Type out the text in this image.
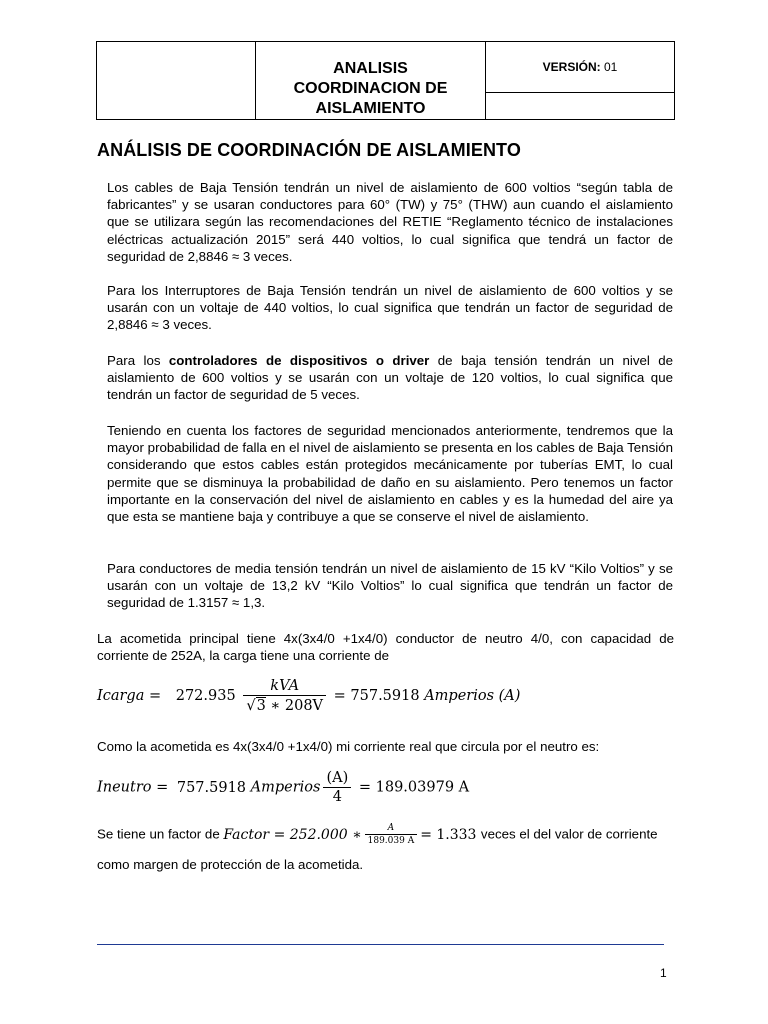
ANALISIS
COORDINACION DE
AISLAMIENTO
VERSIÓN: 01
ANÁLISIS DE COORDINACIÓN DE AISLAMIENTO
Los cables de Baja Tensión tendrán un nivel de aislamiento de 600 voltios “según tabla de fabricantes” y se usaran conductores para 60° (TW) y 75° (THW) aun cuando el aislamiento que se utilizara según las recomendaciones del RETIE “Reglamento técnico de instalaciones eléctricas actualización 2015” será 440 voltios, lo cual significa que tendrá un factor de seguridad de 2,8846 ≈ 3 veces.
Para los Interruptores de Baja Tensión tendrán un nivel de aislamiento de 600 voltios y se usarán con un voltaje de 440 voltios, lo cual significa que tendrán un factor de seguridad de 2,8846 ≈ 3 veces.
Para los controladores de dispositivos o driver de baja tensión tendrán un nivel de aislamiento de 600 voltios y se usarán con un voltaje de 120 voltios, lo cual significa que tendrán un factor de seguridad de 5 veces.
Teniendo en cuenta los factores de seguridad mencionados anteriormente, tendremos que la mayor probabilidad de falla en el nivel de aislamiento se presenta en los cables de Baja Tensión considerando que estos cables están protegidos mecánicamente por tuberías EMT, lo cual permite que se disminuya la probabilidad de daño en su aislamiento. Pero tenemos un factor importante en la conservación del nivel de aislamiento en cables y es la humedad del aire ya que esta se mantiene baja y contribuye a que se conserve el nivel de aislamiento.
Para conductores de media tensión tendrán un nivel de aislamiento de 15 kV “Kilo Voltios” y se usarán con un voltaje de 13,2 kV “Kilo Voltios” lo cual significa que tendrán un factor de seguridad de 1.3157 ≈ 1,3.
La acometida principal tiene 4x(3x4/0 +1x4/0) conductor de neutro 4/0, con capacidad de corriente de 252A, la carga tiene una corriente de
Icarga = $272.935 \frac{\text{kVA}}{√3 ∗ 208V} = 757.5918$ Amperios (A)
Como la acometida es 4x(3x4/0 +1x4/0) mi corriente real que circula por el neutro es:
Ineutro = 757.5918 Amperios $\frac{(A)}{4} = 189.03979$ A
Se tiene un factor de Factor = 252.000 ∗ $\frac{A}{189.039 A} = 1.333$ veces el del valor de corriente
como margen de protección de la acometida.
1
